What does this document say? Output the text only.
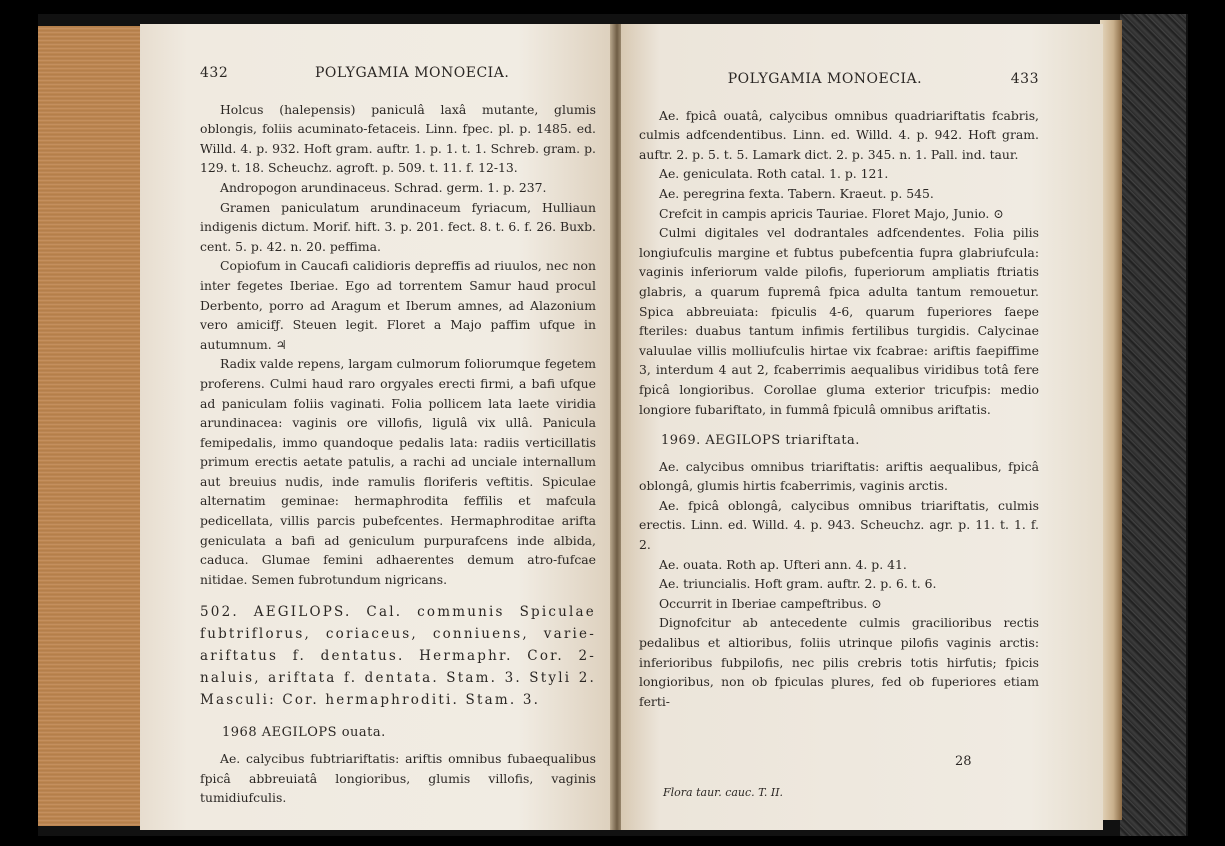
432	POLYGAMIA MONOECIA.

Holcus (halepensis) paniculâ laxâ mutante, glumis oblongis, foliis acuminato-fetaceis. Linn. fpec. pl. p. 1485. ed. Willd. 4. p. 932. Hoft gram. auftr. 1. p. 1. t. 1. Schreb. gram. p. 129. t. 18. Scheuchz. agroft. p. 509. t. 11. f. 12-13.

Andropogon arundinaceus. Schrad. germ. 1. p. 237.

Gramen paniculatum arundinaceum fyriacum, Hulliaun indigenis dictum. Morif. hift. 3. p. 201. fect. 8. t. 6. f. 26. Buxb. cent. 5. p. 42. n. 20. peffima.

Copiofum in Caucafi calidioris depreffis ad riuulos, nec non inter fegetes Iberiae. Ego ad torrentem Samur haud procul Derbento, porro ad Aragum et Iberum amnes, ad Alazonium vero amicifƒ. Steuen legit. Floret a Majo paffim ufque in autumnum. ♃

Radix valde repens, largam culmorum foliorumque fegetem proferens. Culmi haud raro orgyales erecti firmi, a bafi ufque ad paniculam foliis vaginati. Folia pollicem lata laete viridia arundinacea: vaginis ore villofis, ligulâ vix ullâ. Panicula femipedalis, immo quandoque pedalis lata: radiis verticillatis primum erectis aetate patulis, a rachi ad unciale internallum aut breuius nudis, inde ramulis floriferis veftitis. Spiculae alternatim geminae: hermaphrodita feffilis et mafcula pedicellata, villis parcis pubefcentes. Hermaphroditae arifta geniculata a bafi ad geniculum purpurafcens inde albida, caduca. Glumae femini adhaerentes demum atro-fufcae nitidae. Semen fubrotundum nigricans.

502. AEGILOPS. Cal. communis Spiculae fubtriflorus, coriaceus, conniuens, varie-ariftatus f. dentatus. Hermaphr. Cor. 2-naluis, ariftata f. dentata. Stam. 3. Styli 2. Masculi: Cor. hermaphroditi. Stam. 3.
1968 AEGILOPS ouata.

Ae. calycibus fubtriariftatis: ariftis omnibus fubaequalibus fpicâ abbreuiatâ longioribus, glumis villofis, vaginis tumidiufculis.

POLYGAMIA MONOECIA.	433

Ae. fpicâ ouatâ, calycibus omnibus quadriariftatis fcabris, culmis adfcendentibus. Linn. ed. Willd. 4. p. 942. Hoft gram. auftr. 2. p. 5. t. 5. Lamark dict. 2. p. 345. n. 1. Pall. ind. taur.

Ae. geniculata. Roth catal. 1. p. 121.

Ae. peregrina fexta. Tabern. Kraeut. p. 545.

Crefcit in campis apricis Tauriae. Floret Majo, Junio. ⊙

Culmi digitales vel dodrantales adfcendentes. Folia pilis longiufculis margine et fubtus pubefcentia fupra glabriufcula: vaginis inferiorum valde pilofis, fuperiorum ampliatis ftriatis glabris, a quarum fupremâ fpica adulta tantum remouetur. Spica abbreuiata: fpiculis 4-6, quarum fuperiores faepe fteriles: duabus tantum infimis fertilibus turgidis. Calycinae valuulae villis molliufculis hirtae vix fcabrae: ariftis faepiffime 3, interdum 4 aut 2, fcaberrimis aequalibus viridibus totâ fere fpicâ longioribus. Corollae gluma exterior tricufpis: medio longiore fubariftato, in fummâ fpiculâ omnibus ariftatis.

1969. AEGILOPS triariftata.

Ae. calycibus omnibus triariftatis: ariftis aequalibus, fpicâ oblongâ, glumis hirtis fcaberrimis, vaginis arctis.

Ae. fpicâ oblongâ, calycibus omnibus triariftatis, culmis erectis. Linn. ed. Willd. 4. p. 943. Scheuchz. agr. p. 11. t. 1. f. 2.

Ae. ouata. Roth ap. Ufteri ann. 4. p. 41.

Ae. triuncialis. Hoft gram. auftr. 2. p. 6. t. 6.

Occurrit in Iberiae campeftribus. ⊙

Dignofcitur ab antecedente culmis gracilioribus rectis pedalibus et altioribus, foliis utrinque pilofis vaginis arctis: inferioribus fubpilofis, nec pilis crebris totis hirfutis; fpicis longioribus, non ob fpiculas plures, fed ob fuperiores etiam ferti-

28
Flora taur. cauc. T. II.
